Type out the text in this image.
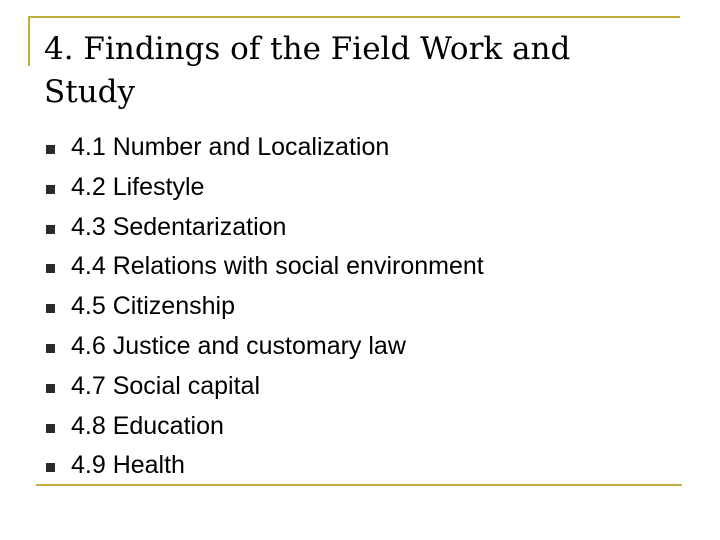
4. Findings of the Field Work and Study
4.1 Number and Localization
4.2 Lifestyle
4.3 Sedentarization
4.4 Relations with social environment
4.5 Citizenship
4.6 Justice and customary law
4.7 Social capital
4.8 Education
4.9 Health
